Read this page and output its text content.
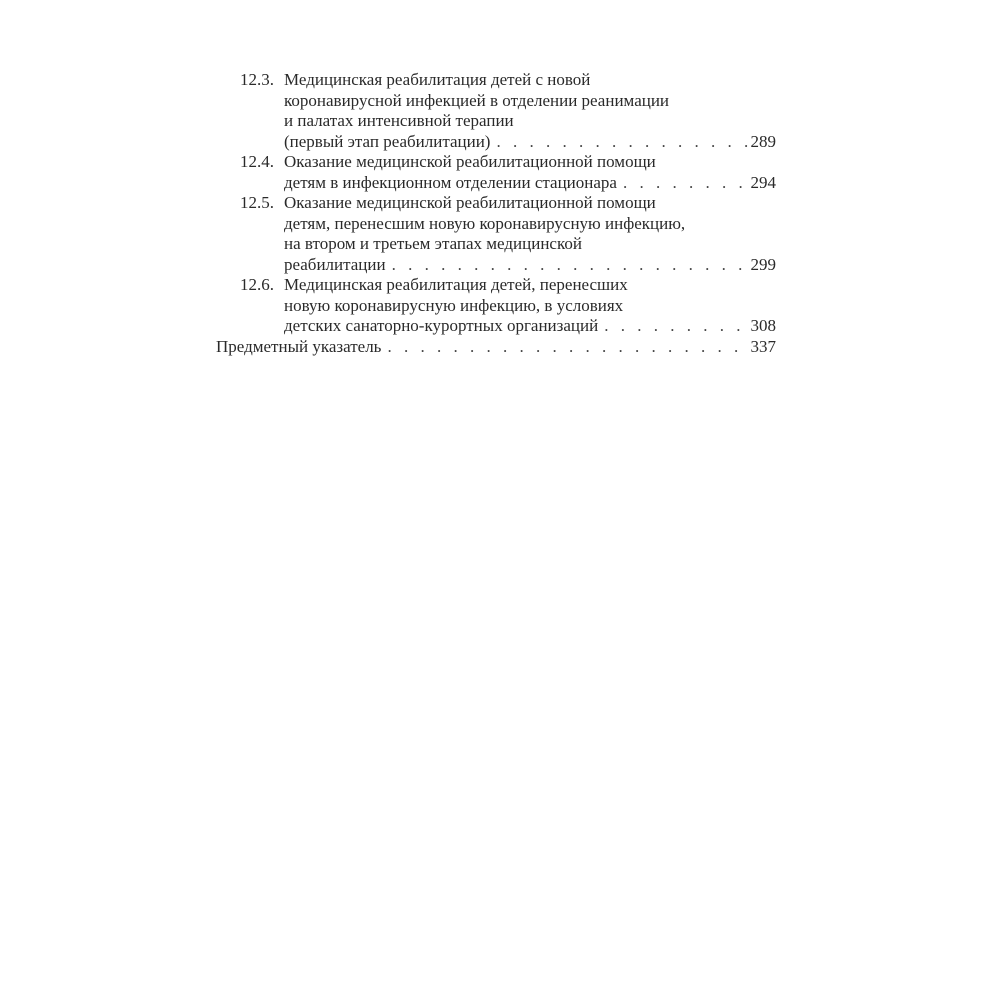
12.3. Медицинская реабилитация детей с новой
коронавирусной инфекцией в отделении реанимации
и палатах интенсивной терапии
(первый этап реабилитации) . . .	289
12.4. Оказание медицинской реабилитационной помощи
детям в инфекционном отделении стационара . . .	294
12.5. Оказание медицинской реабилитационной помощи
детям, перенесшим новую коронавирусную инфекцию,
на втором и третьем этапах медицинской
реабилитации . . .	299
12.6. Медицинская реабилитация детей, перенесших
новую коронавирусную инфекцию, в условиях
детских санаторно-курортных организаций . . .	308
Предметный указатель . . .	337
